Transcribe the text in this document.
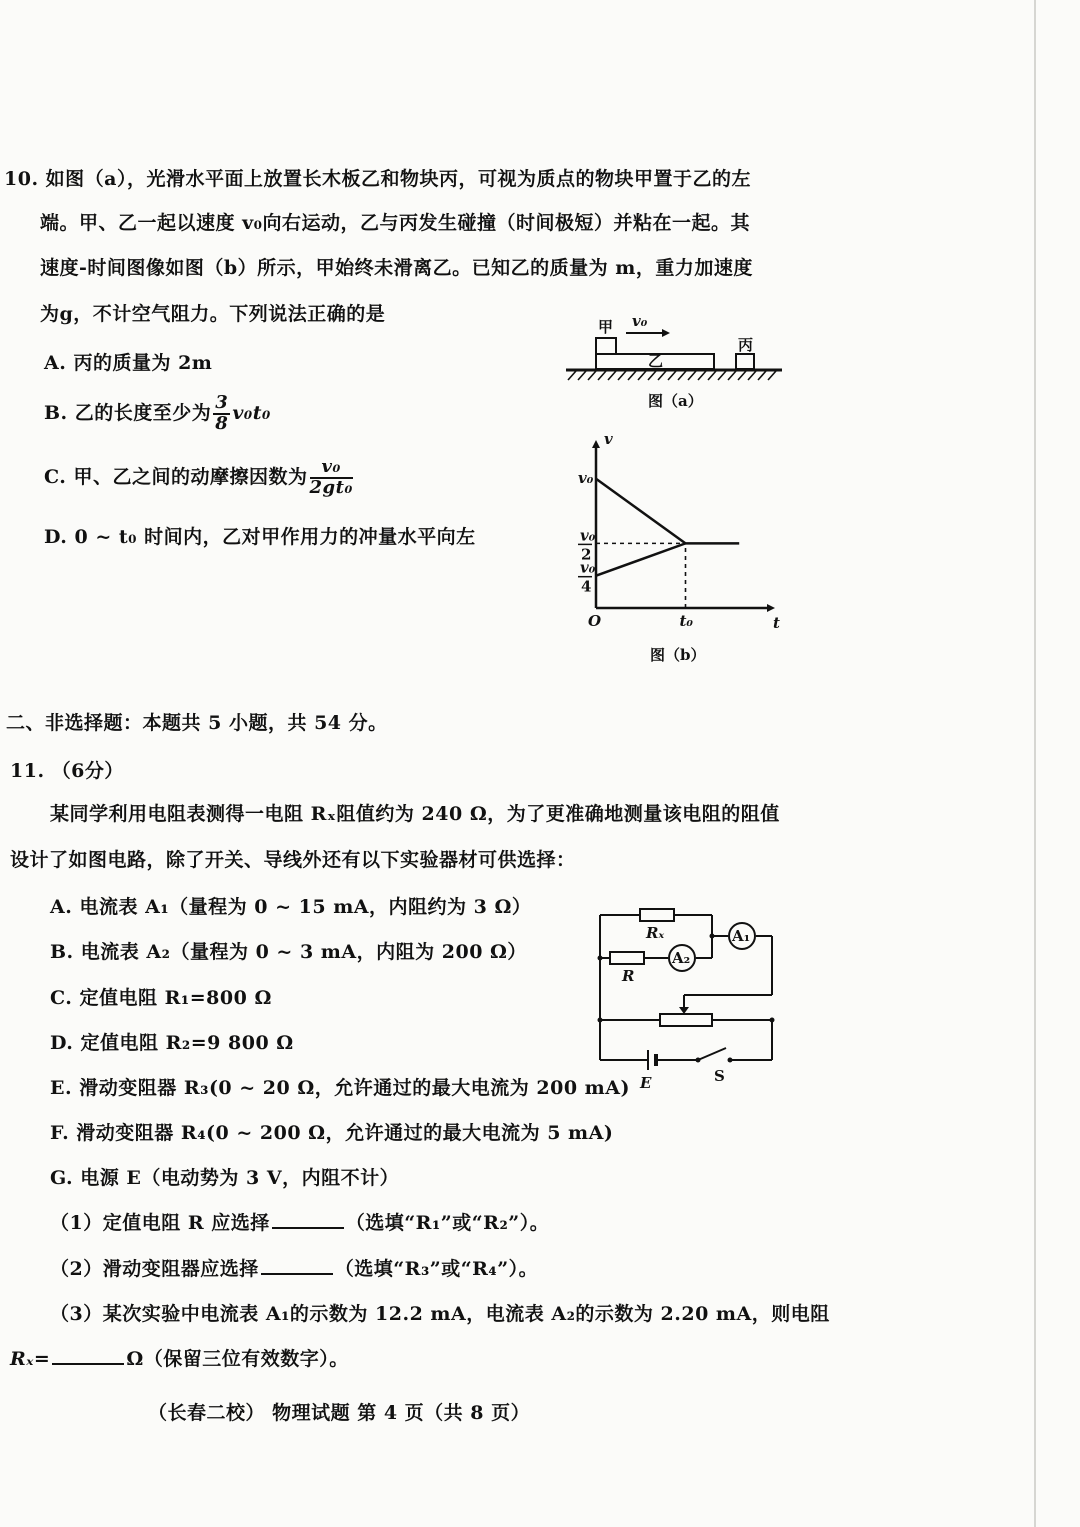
10. 如图（a），光滑水平面上放置长木板乙和物块丙，可视为质点的物块甲置于乙的左
端。甲、乙一起以速度 v₀向右运动，乙与丙发生碰撞（时间极短）并粘在一起。其
速度-时间图像如图（b）所示，甲始终未滑离乙。已知乙的质量为 m，重力加速度
为g，不计空气阻力。下列说法正确的是
A. 丙的质量为 2m
B. 乙的长度至少为 $\frac{3}{8} v_0t_0$
C. 甲、乙之间的动摩擦因数为 $\frac{\text{v₀}}{\text{2gt₀}}$
D. 0 ~ t₀ 时间内，乙对甲作用力的冲量水平向左
甲
乙
丙
v₀
图（a）
v
t
O
v₀
v₀
2
v₀
4
t₀
图（b）
二、非选择题：本题共 5 小题，共 54 分。
11. （6分）
某同学利用电阻表测得一电阻 Rₓ阻值约为 240 Ω，为了更准确地测量该电阻的阻值
设计了如图电路，除了开关、导线外还有以下实验器材可供选择：
A. 电流表 A₁（量程为 0 ~ 15 mA，内阻约为 3 Ω）
B. 电流表 A₂（量程为 0 ~ 3 mA，内阻为 200 Ω）
C. 定值电阻 R₁=800 Ω
D. 定值电阻 R₂=9 800 Ω
E. 滑动变阻器 R₃(0 ~ 20 Ω，允许通过的最大电流为 200 mA)
F. 滑动变阻器 R₄(0 ~ 200 Ω，允许通过的最大电流为 5 mA)
G. 电源 E（电动势为 3 V，内阻不计）
（1）定值电阻 R 应选择	（选填“R₁”或“R₂”）。
（2）滑动变阻器应选择	（选填“R₃”或“R₄”）。
（3）某次实验中电流表 A₁的示数为 12.2 mA，电流表 A₂的示数为 2.20 mA，则电阻
Rₓ=	Ω（保留三位有效数字）。
Rₓ
R
A₂
A₁
E	S
（长春二校） 物理试题 第 4 页（共 8 页）
